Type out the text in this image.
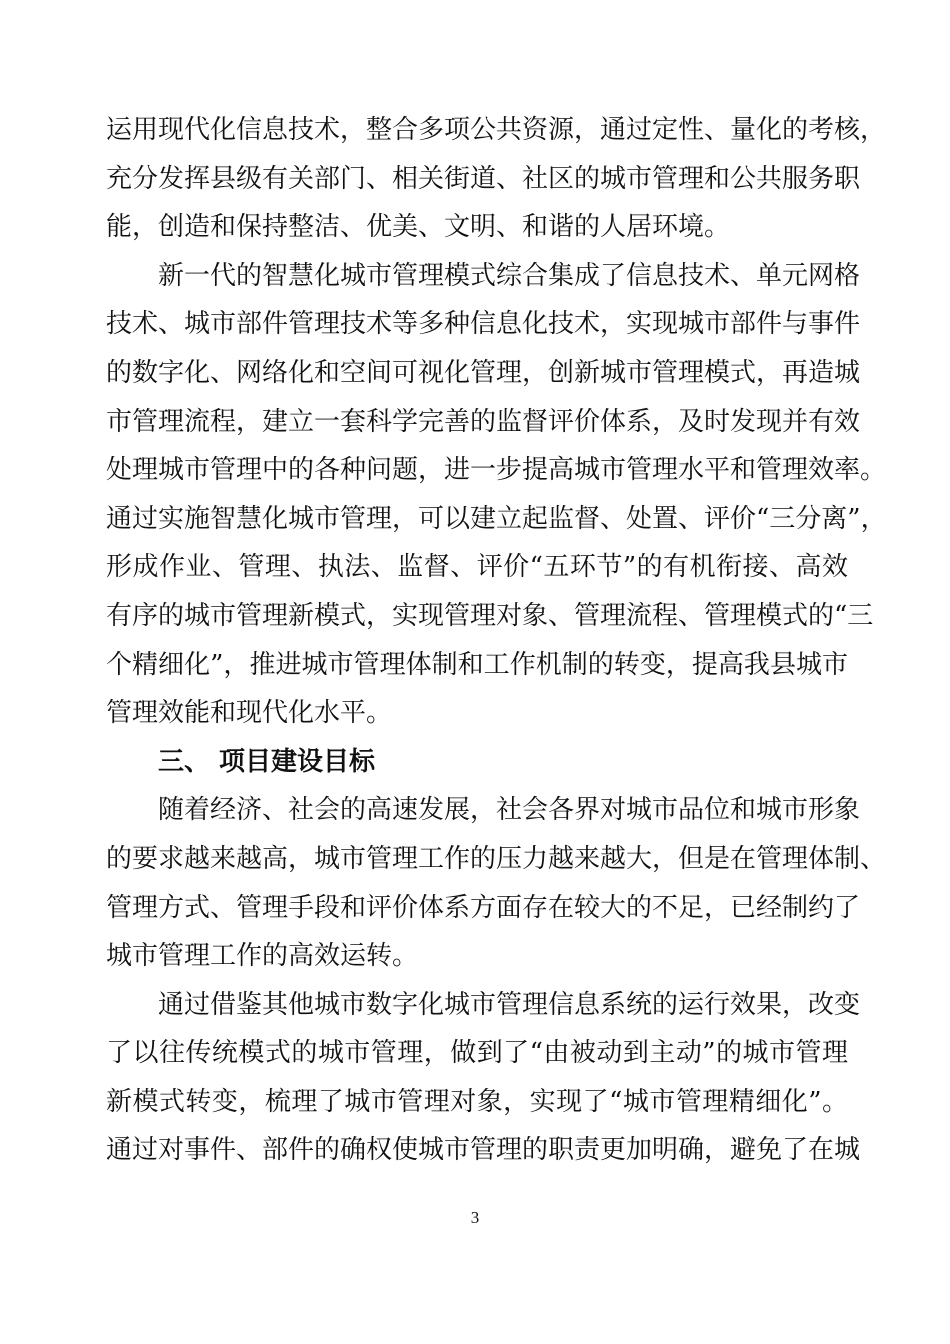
运用现代化信息技术，整合多项公共资源，通过定性、量化的考核，
充分发挥县级有关部门、相关街道、社区的城市管理和公共服务职
能，创造和保持整洁、优美、文明、和谐的人居环境。
新一代的智慧化城市管理模式综合集成了信息技术、单元网格
技术、城市部件管理技术等多种信息化技术，实现城市部件与事件
的数字化、网络化和空间可视化管理，创新城市管理模式，再造城
市管理流程，建立一套科学完善的监督评价体系，及时发现并有效
处理城市管理中的各种问题，进一步提高城市管理水平和管理效率。
通过实施智慧化城市管理，可以建立起监督、处置、评价“三分离”，
形成作业、管理、执法、监督、评价“五环节”的有机衔接、高效
有序的城市管理新模式，实现管理对象、管理流程、管理模式的“三
个精细化”，推进城市管理体制和工作机制的转变，提高我县城市
管理效能和现代化水平。
三、 项目建设目标
随着经济、社会的高速发展，社会各界对城市品位和城市形象
的要求越来越高，城市管理工作的压力越来越大，但是在管理体制、
管理方式、管理手段和评价体系方面存在较大的不足，已经制约了
城市管理工作的高效运转。
通过借鉴其他城市数字化城市管理信息系统的运行效果，改变
了以往传统模式的城市管理，做到了“由被动到主动”的城市管理
新模式转变，梳理了城市管理对象，实现了“城市管理精细化”。
通过对事件、部件的确权使城市管理的职责更加明确，避免了在城
3
